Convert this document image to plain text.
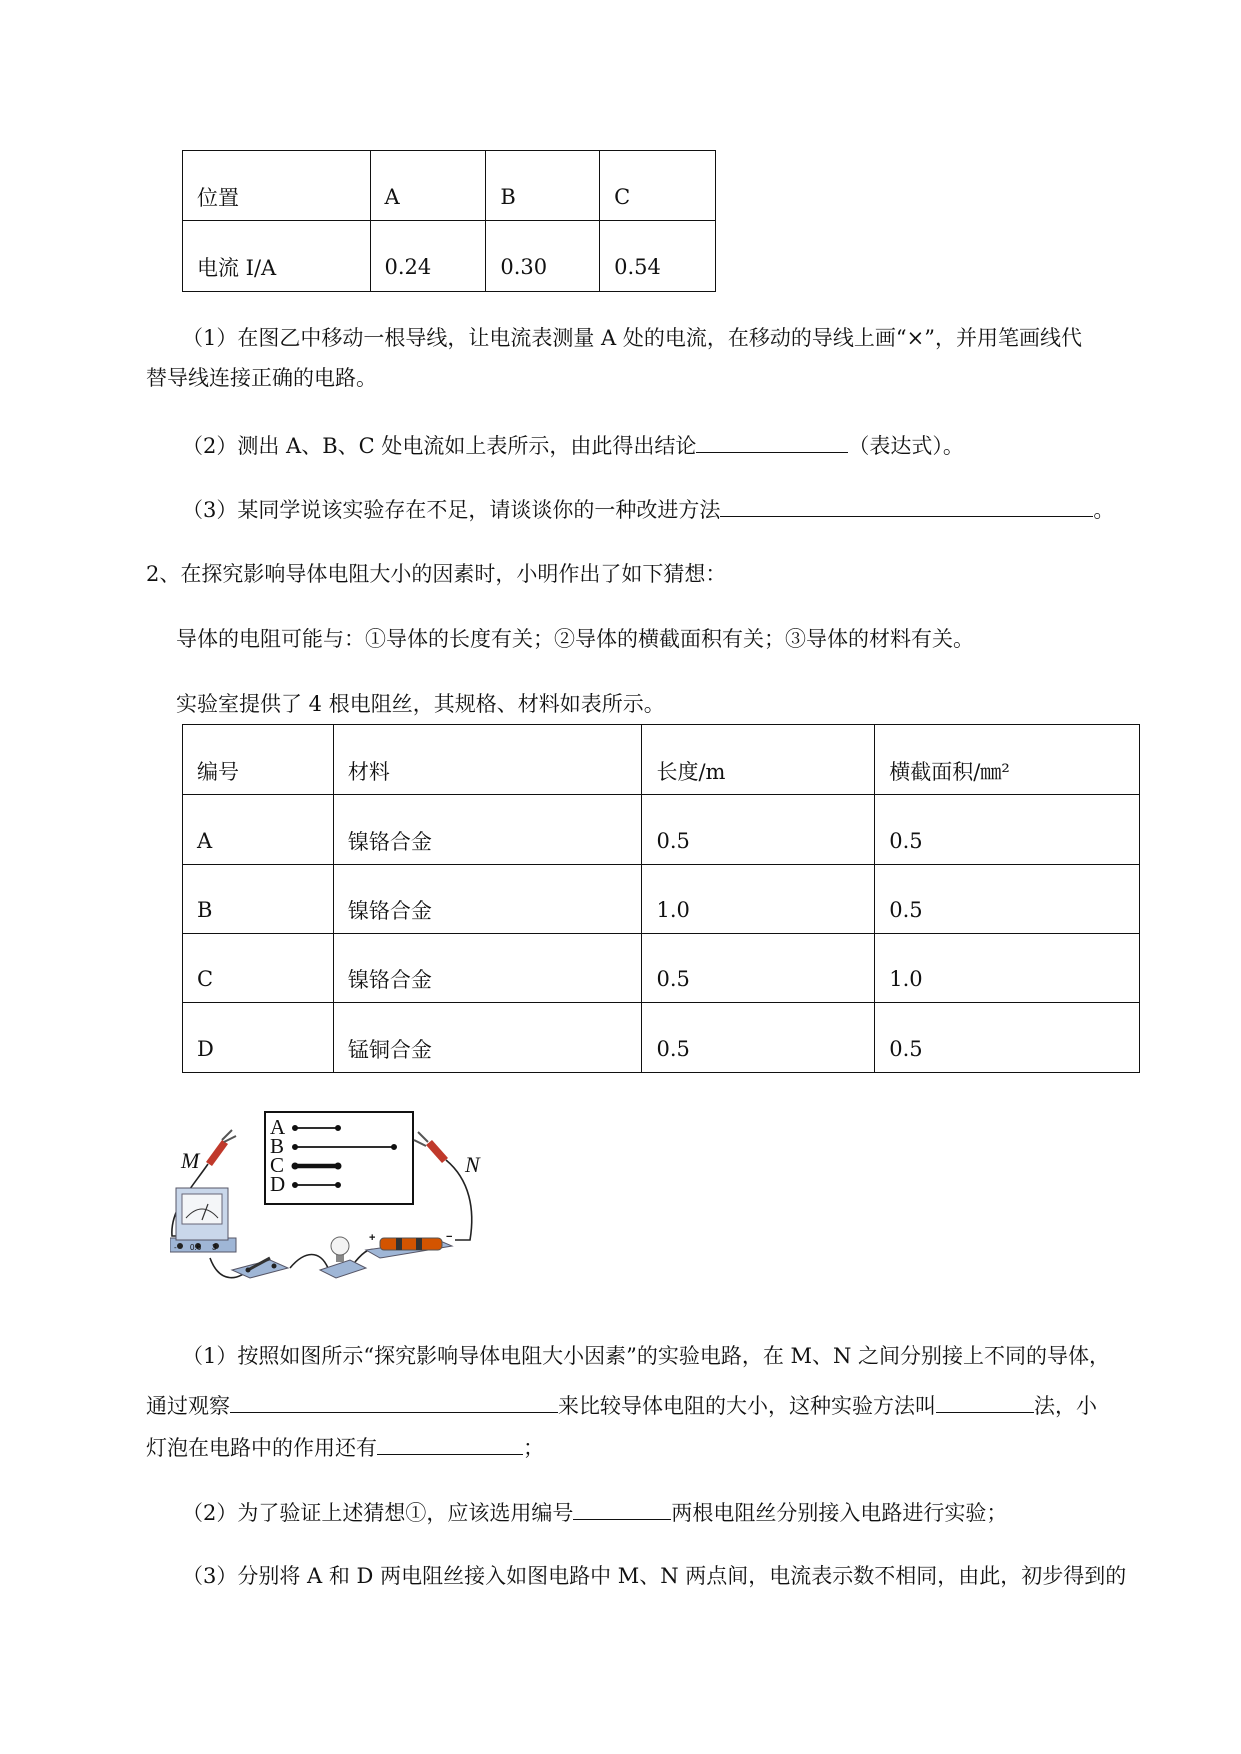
位置	A	B	C
电流 I/A	0.24	0.30	0.54
（1）在图乙中移动一根导线，让电流表测量 A 处的电流，在移动的导线上画“×”，并用笔画线代
替导线连接正确的电路。
（2）测出 A、B、C 处电流如上表所示，由此得出结论	（表达式）。
（3）某同学说该实验存在不足，请谈谈你的一种改进方法	。
2、在探究影响导体电阻大小的因素时，小明作出了如下猜想：
导体的电阻可能与：①导体的长度有关；②导体的横截面积有关；③导体的材料有关。
实验室提供了 4 根电阻丝，其规格、材料如表所示。
编号	材料	长度/m	横截面积/㎜²
A	镍铬合金	0.5	0.5
B	镍铬合金	1.0	0.5
C	镍铬合金	0.5	1.0
D	锰铜合金	0.5	0.5
A
B
C
D
M	N
- 0.6 3
+	−
（1）按照如图所示“探究影响导体电阻大小因素”的实验电路，在 M、N 之间分别接上不同的导体，
通过观察	来比较导体电阻的大小，这种实验方法叫	法，小
灯泡在电路中的作用还有	；
（2）为了验证上述猜想①，应该选用编号	两根电阻丝分别接入电路进行实验；
（3）分别将 A 和 D 两电阻丝接入如图电路中 M、N 两点间，电流表示数不相同，由此，初步得到的
